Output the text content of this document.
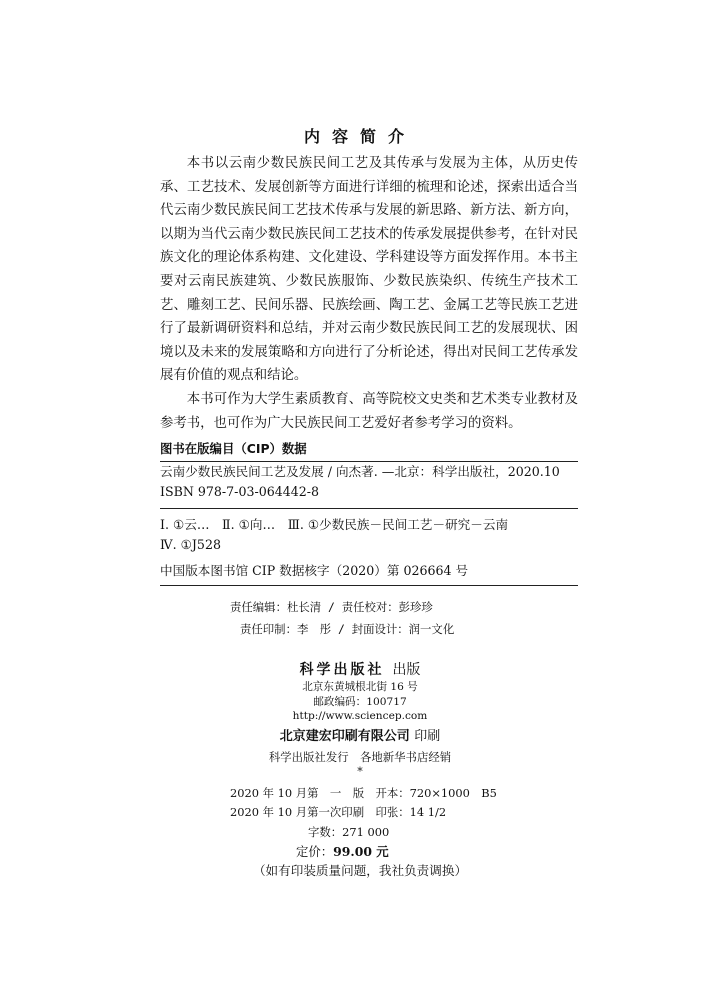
内容简介

本书以云南少数民族民间工艺及其传承与发展为主体，从历史传承、工艺技术、发展创新等方面进行详细的梳理和论述，探索出适合当代云南少数民族民间工艺技术传承与发展的新思路、新方法、新方向，以期为当代云南少数民族民间工艺技术的传承发展提供参考，在针对民族文化的理论体系构建、文化建设、学科建设等方面发挥作用。本书主要对云南民族建筑、少数民族服饰、少数民族染织、传统生产技术工艺、雕刻工艺、民间乐器、民族绘画、陶工艺、金属工艺等民族工艺进行了最新调研资料和总结，并对云南少数民族民间工艺的发展现状、困境以及未来的发展策略和方向进行了分析论述，得出对民间工艺传承发展有价值的观点和结论。

本书可作为大学生素质教育、高等院校文史类和艺术类专业教材及参考书，也可作为广大民族民间工艺爱好者参考学习的资料。

图书在版编目（CIP）数据
云南少数民族民间工艺及发展 / 向杰著. —北京：科学出版社，2020.10
ISBN 978-7-03-064442-8
Ⅰ. ①云…　Ⅱ. ①向…　Ⅲ. ①少数民族－民间工艺－研究－云南
Ⅳ. ①J528
中国版本图书馆 CIP 数据核字（2020）第 026664 号
责任编辑：杜长清 / 责任校对：彭珍珍
责任印制：李　彤 / 封面设计：润一文化
科学出版社 出版
北京东黄城根北街 16 号
邮政编码：100717
http://www.sciencep.com
北京建宏印刷有限公司 印刷
科学出版社发行　各地新华书店经销
*
2020 年 10 月第　一　版　开本：720×1000　B5
2020 年 10 月第一次印刷　印张：14 1/2
字数：271 000
定价：99.00 元
（如有印装质量问题，我社负责调换）
